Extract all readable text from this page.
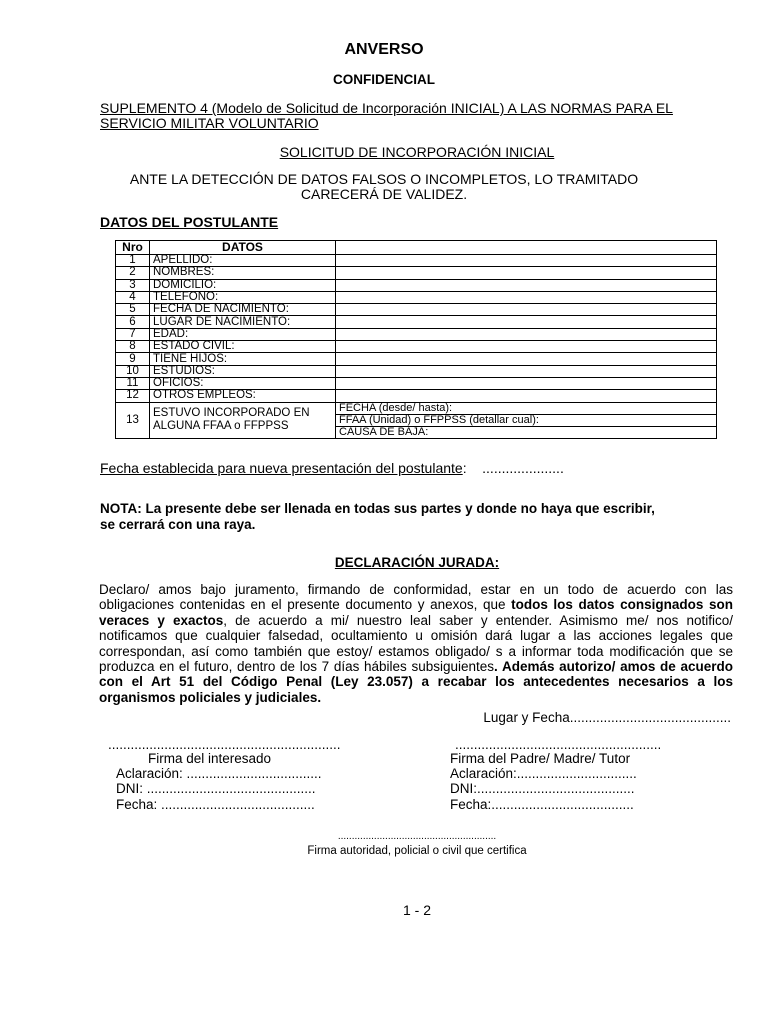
ANVERSO
CONFIDENCIAL
SUPLEMENTO 4 (Modelo de Solicitud de Incorporación INICIAL) A LAS NORMAS PARA EL
SERVICIO MILITAR VOLUNTARIO
SOLICITUD DE INCORPORACIÓN INICIAL
ANTE LA DETECCIÓN DE DATOS FALSOS O INCOMPLETOS, LO TRAMITADO
CARECERÁ DE VALIDEZ.
DATOS DEL POSTULANTE
Nro	DATOS	
1	APELLIDO:	
2	NOMBRES:	
3	DOMICILIO:	
4	TELEFONO:	
5	FECHA DE NACIMIENTO:	
6	LUGAR DE NACIMIENTO:	
7	EDAD:	
8	ESTADO CIVIL:	
9	TIENE HIJOS:	
10	ESTUDIOS:	
11	OFICIOS:	
12	OTROS EMPLEOS:	
13	ESTUVO INCORPORADO EN
ALGUNA FFAA o FFPPSS	FECHA (desde/ hasta):
		FFAA (Unidad) o FFPPSS (detallar cual):
		CAUSA DE BAJA:
Fecha establecida para nueva presentación del postulante: .....................
NOTA: La presente debe ser llenada en todas sus partes y donde no haya que escribir,
se cerrará con una raya.
DECLARACIÓN JURADA:
Declaro/ amos bajo juramento, firmando de conformidad, estar en un todo de acuerdo con las obligaciones contenidas en el presente documento y anexos, que todos los datos consignados son veraces y exactos, de acuerdo a mi/ nuestro leal saber y entender. Asimismo me/ nos notifico/ notificamos que cualquier falsedad, ocultamiento u omisión dará lugar a las acciones legales que correspondan, así como también que estoy/ estamos obligado/ s a informar toda modificación que se produzca en el futuro, dentro de los 7 días hábiles subsiguientes. Además autorizo/ amos de acuerdo con el Art 51 del Código Penal (Ley 23.057) a recabar los antecedentes necesarios a los organismos policiales y judiciales.
Lugar y Fecha...........................................
..............................................................
Firma del interesado
Aclaración: ....................................
DNI: .............................................
Fecha: .........................................
.......................................................
Firma del Padre/ Madre/ Tutor
Aclaración:................................
DNI:..........................................
Fecha:......................................
.........................................................
Firma autoridad, policial o civil que certifica
1 - 2
